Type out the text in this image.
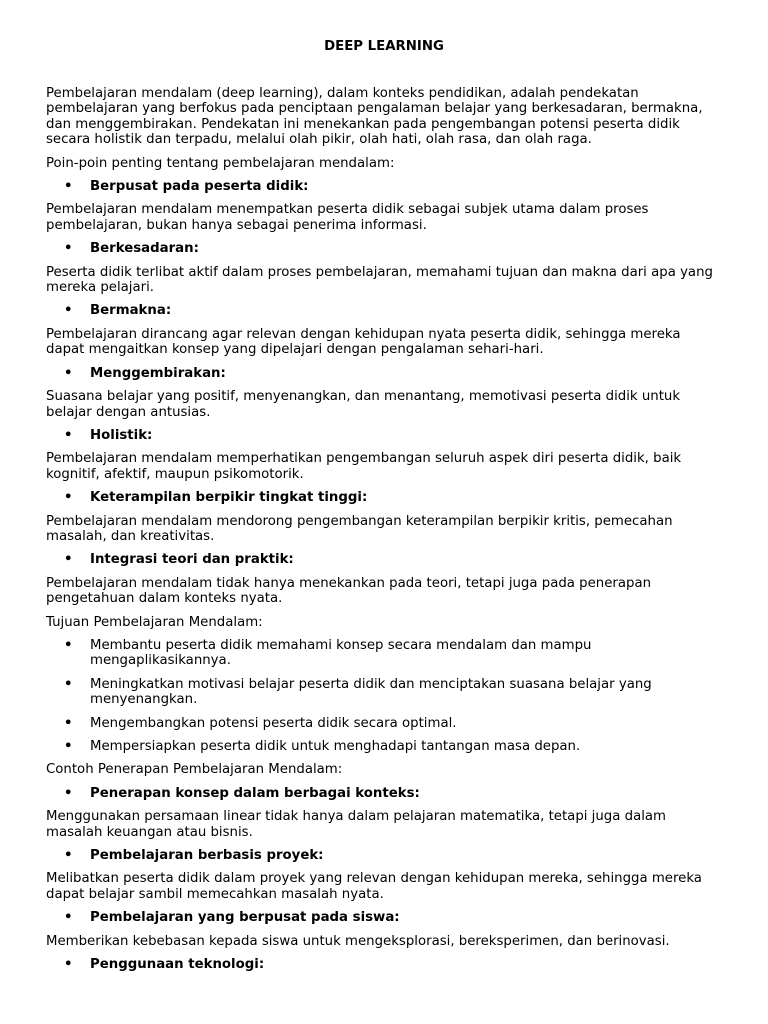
DEEP LEARNING

Pembelajaran mendalam (deep learning), dalam konteks pendidikan, adalah pendekatan pembelajaran yang berfokus pada penciptaan pengalaman belajar yang berkesadaran, bermakna, dan menggembirakan. Pendekatan ini menekankan pada pengembangan potensi peserta didik secara holistik dan terpadu, melalui olah pikir, olah hati, olah rasa, dan olah raga.

Poin-poin penting tentang pembelajaran mendalam:

• Berpusat pada peserta didik:

Pembelajaran mendalam menempatkan peserta didik sebagai subjek utama dalam proses pembelajaran, bukan hanya sebagai penerima informasi.

• Berkesadaran:

Peserta didik terlibat aktif dalam proses pembelajaran, memahami tujuan dan makna dari apa yang mereka pelajari.

• Bermakna:

Pembelajaran dirancang agar relevan dengan kehidupan nyata peserta didik, sehingga mereka dapat mengaitkan konsep yang dipelajari dengan pengalaman sehari-hari.

• Menggembirakan:

Suasana belajar yang positif, menyenangkan, dan menantang, memotivasi peserta didik untuk belajar dengan antusias.

• Holistik:

Pembelajaran mendalam memperhatikan pengembangan seluruh aspek diri peserta didik, baik kognitif, afektif, maupun psikomotorik.

• Keterampilan berpikir tingkat tinggi:

Pembelajaran mendalam mendorong pengembangan keterampilan berpikir kritis, pemecahan masalah, dan kreativitas.

• Integrasi teori dan praktik:

Pembelajaran mendalam tidak hanya menekankan pada teori, tetapi juga pada penerapan pengetahuan dalam konteks nyata.

Tujuan Pembelajaran Mendalam:

• Membantu peserta didik memahami konsep secara mendalam dan mampu mengaplikasikannya.
• Meningkatkan motivasi belajar peserta didik dan menciptakan suasana belajar yang menyenangkan.
• Mengembangkan potensi peserta didik secara optimal.
• Mempersiapkan peserta didik untuk menghadapi tantangan masa depan.

Contoh Penerapan Pembelajaran Mendalam:

• Penerapan konsep dalam berbagai konteks:

Menggunakan persamaan linear tidak hanya dalam pelajaran matematika, tetapi juga dalam masalah keuangan atau bisnis.

• Pembelajaran berbasis proyek:

Melibatkan peserta didik dalam proyek yang relevan dengan kehidupan mereka, sehingga mereka dapat belajar sambil memecahkan masalah nyata.

• Pembelajaran yang berpusat pada siswa:

Memberikan kebebasan kepada siswa untuk mengeksplorasi, bereksperimen, dan berinovasi.

• Penggunaan teknologi:
